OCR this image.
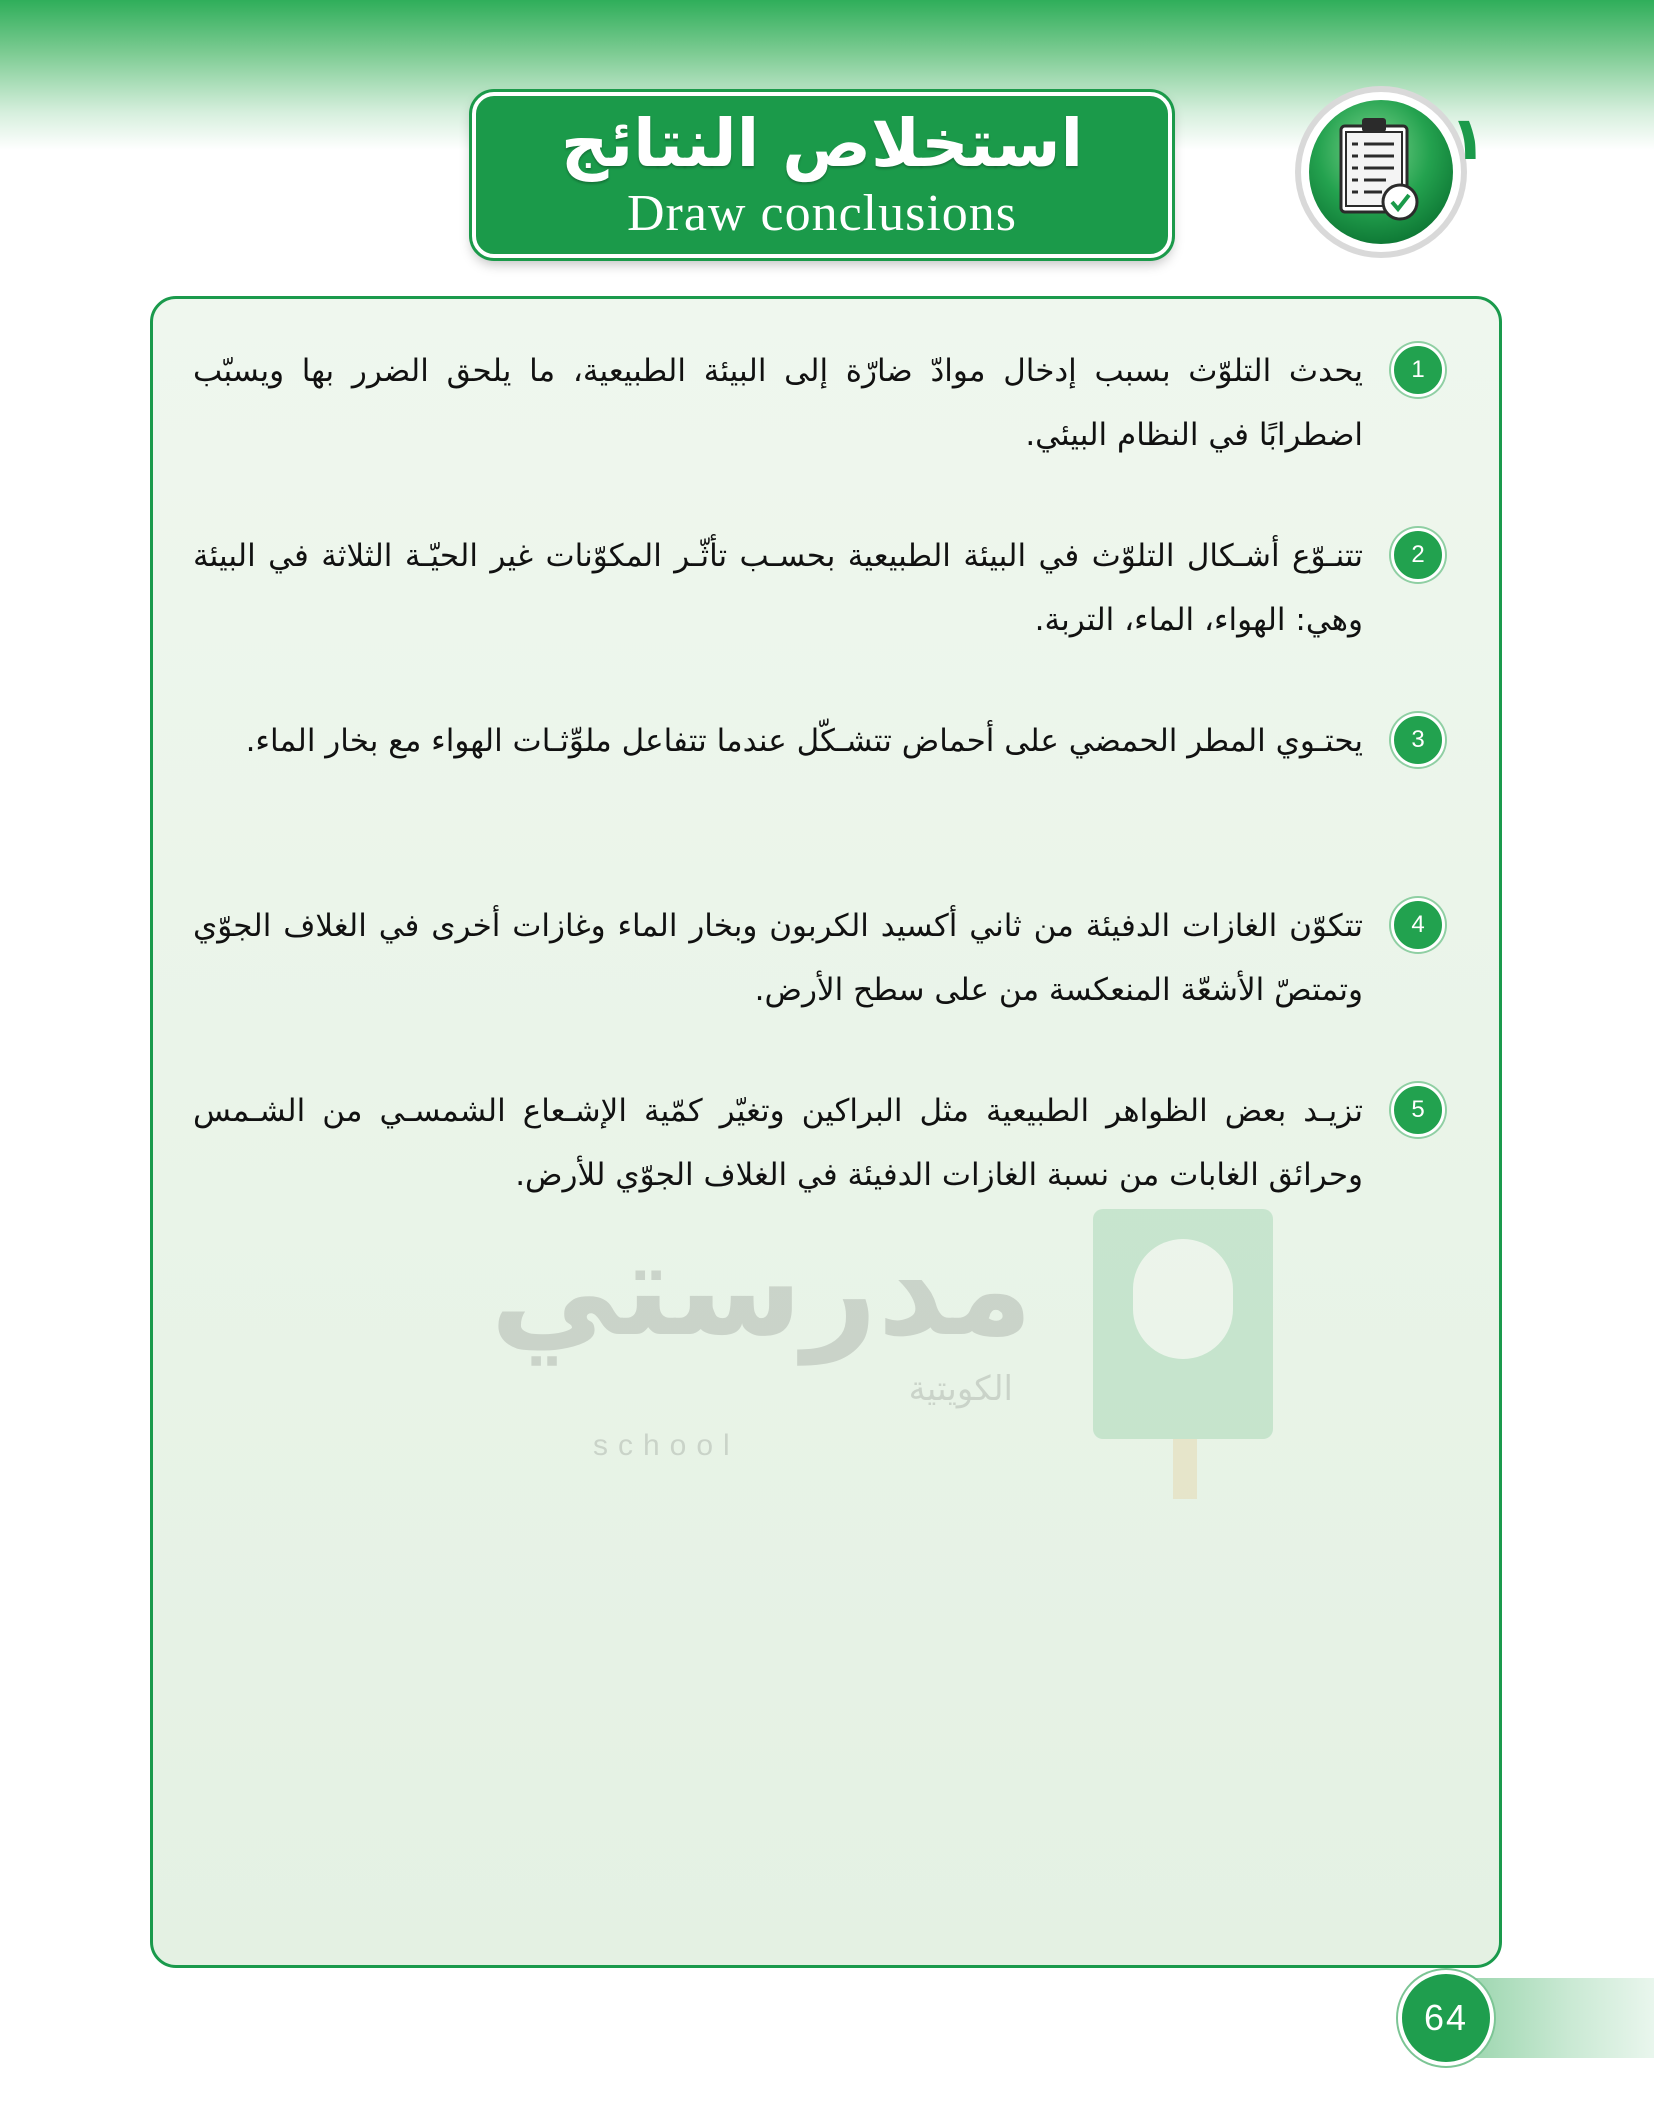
استخلاص النتائج
Draw conclusions
١
مدرستي
الكويتية
school
1
يحدث التلوّث بسبب إدخال موادّ ضارّة إلى البيئة الطبيعية، ما يلحق الضرر بها ويسبّب اضطرابًا في النظام البيئي.
2
تتنـوّع أشـكال التلوّث في البيئة الطبيعية بحسـب تأثّـر المكوّنات غير الحيّـة الثلاثة في البيئة وهي: الهواء، الماء، التربة.
3
يحتـوي المطر الحمضي على أحماض تتشـكّل عندما تتفاعل ملوِّثـات الهواء مع بخار الماء.
4
تتكوّن الغازات الدفيئة من ثاني أكسيد الكربون وبخار الماء وغازات أخرى في الغلاف الجوّي وتمتصّ الأشعّة المنعكسة من على سطح الأرض.
5
تزيـد بعض الظواهر الطبيعية مثل البراكين وتغيّر كمّية الإشـعاع الشمسـي من الشـمس وحرائق الغابات من نسبة الغازات الدفيئة في الغلاف الجوّي للأرض.
64
